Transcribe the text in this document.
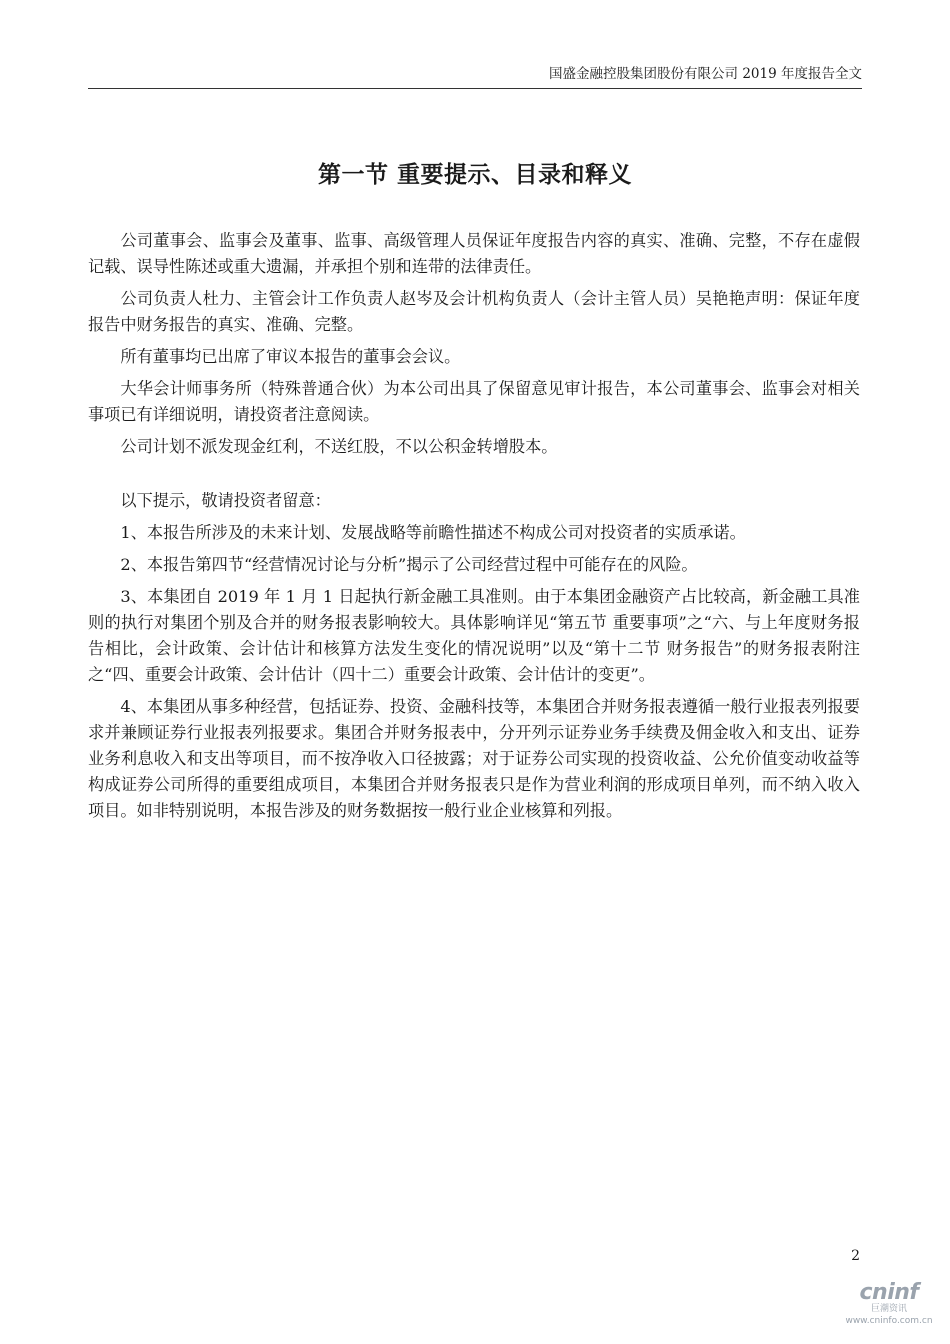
国盛金融控股集团股份有限公司 2019 年度报告全文
第一节 重要提示、目录和释义

公司董事会、监事会及董事、监事、高级管理人员保证年度报告内容的真实、准确、完整，不存在虚假记载、误导性陈述或重大遗漏，并承担个别和连带的法律责任。

公司负责人杜力、主管会计工作负责人赵岑及会计机构负责人（会计主管人员）吴艳艳声明：保证年度报告中财务报告的真实、准确、完整。

所有董事均已出席了审议本报告的董事会会议。

大华会计师事务所（特殊普通合伙）为本公司出具了保留意见审计报告，本公司董事会、监事会对相关事项已有详细说明，请投资者注意阅读。

公司计划不派发现金红利，不送红股，不以公积金转增股本。

以下提示，敬请投资者留意：

1、本报告所涉及的未来计划、发展战略等前瞻性描述不构成公司对投资者的实质承诺。

2、本报告第四节“经营情况讨论与分析”揭示了公司经营过程中可能存在的风险。

3、本集团自 2019 年 1 月 1 日起执行新金融工具准则。由于本集团金融资产占比较高，新金融工具准则的执行对集团个别及合并的财务报表影响较大。具体影响详见“第五节 重要事项”之“六、与上年度财务报告相比，会计政策、会计估计和核算方法发生变化的情况说明”以及“第十二节 财务报告”的财务报表附注之“四、重要会计政策、会计估计（四十二）重要会计政策、会计估计的变更”。

4、本集团从事多种经营，包括证券、投资、金融科技等，本集团合并财务报表遵循一般行业报表列报要求并兼顾证券行业报表列报要求。集团合并财务报表中，分开列示证券业务手续费及佣金收入和支出、证券业务利息收入和支出等项目，而不按净收入口径披露；对于证券公司实现的投资收益、公允价值变动收益等构成证券公司所得的重要组成项目，本集团合并财务报表只是作为营业利润的形成项目单列，而不纳入收入项目。如非特别说明，本报告涉及的财务数据按一般行业企业核算和列报。

2
cninf
巨潮资讯
www.cninfo.com.cn
